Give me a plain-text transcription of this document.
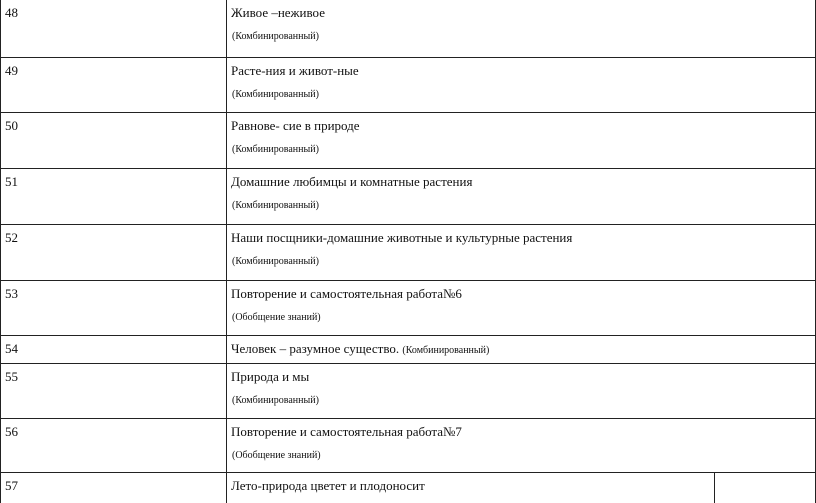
48	Живое –неживое
(Комбинированный)
49	Расте-ния и живот-ные
(Комбинированный)
50	Равнове- сие в природе
(Комбинированный)
51	Домашние любимцы и комнатные растения
(Комбинированный)
52	Наши поcщники-домашние животные и культурные растения
(Комбинированный)
53	Повторение и самостоятельная работа№6
(Обобщение знаний)
54	Человек – разумное существо. (Комбинированный)
55	Природа и мы
(Комбинированный)
56	Повторение и самостоятельная работа№7
(Обобщение знаний)
57	Лето-природа цветет и плодоносит
